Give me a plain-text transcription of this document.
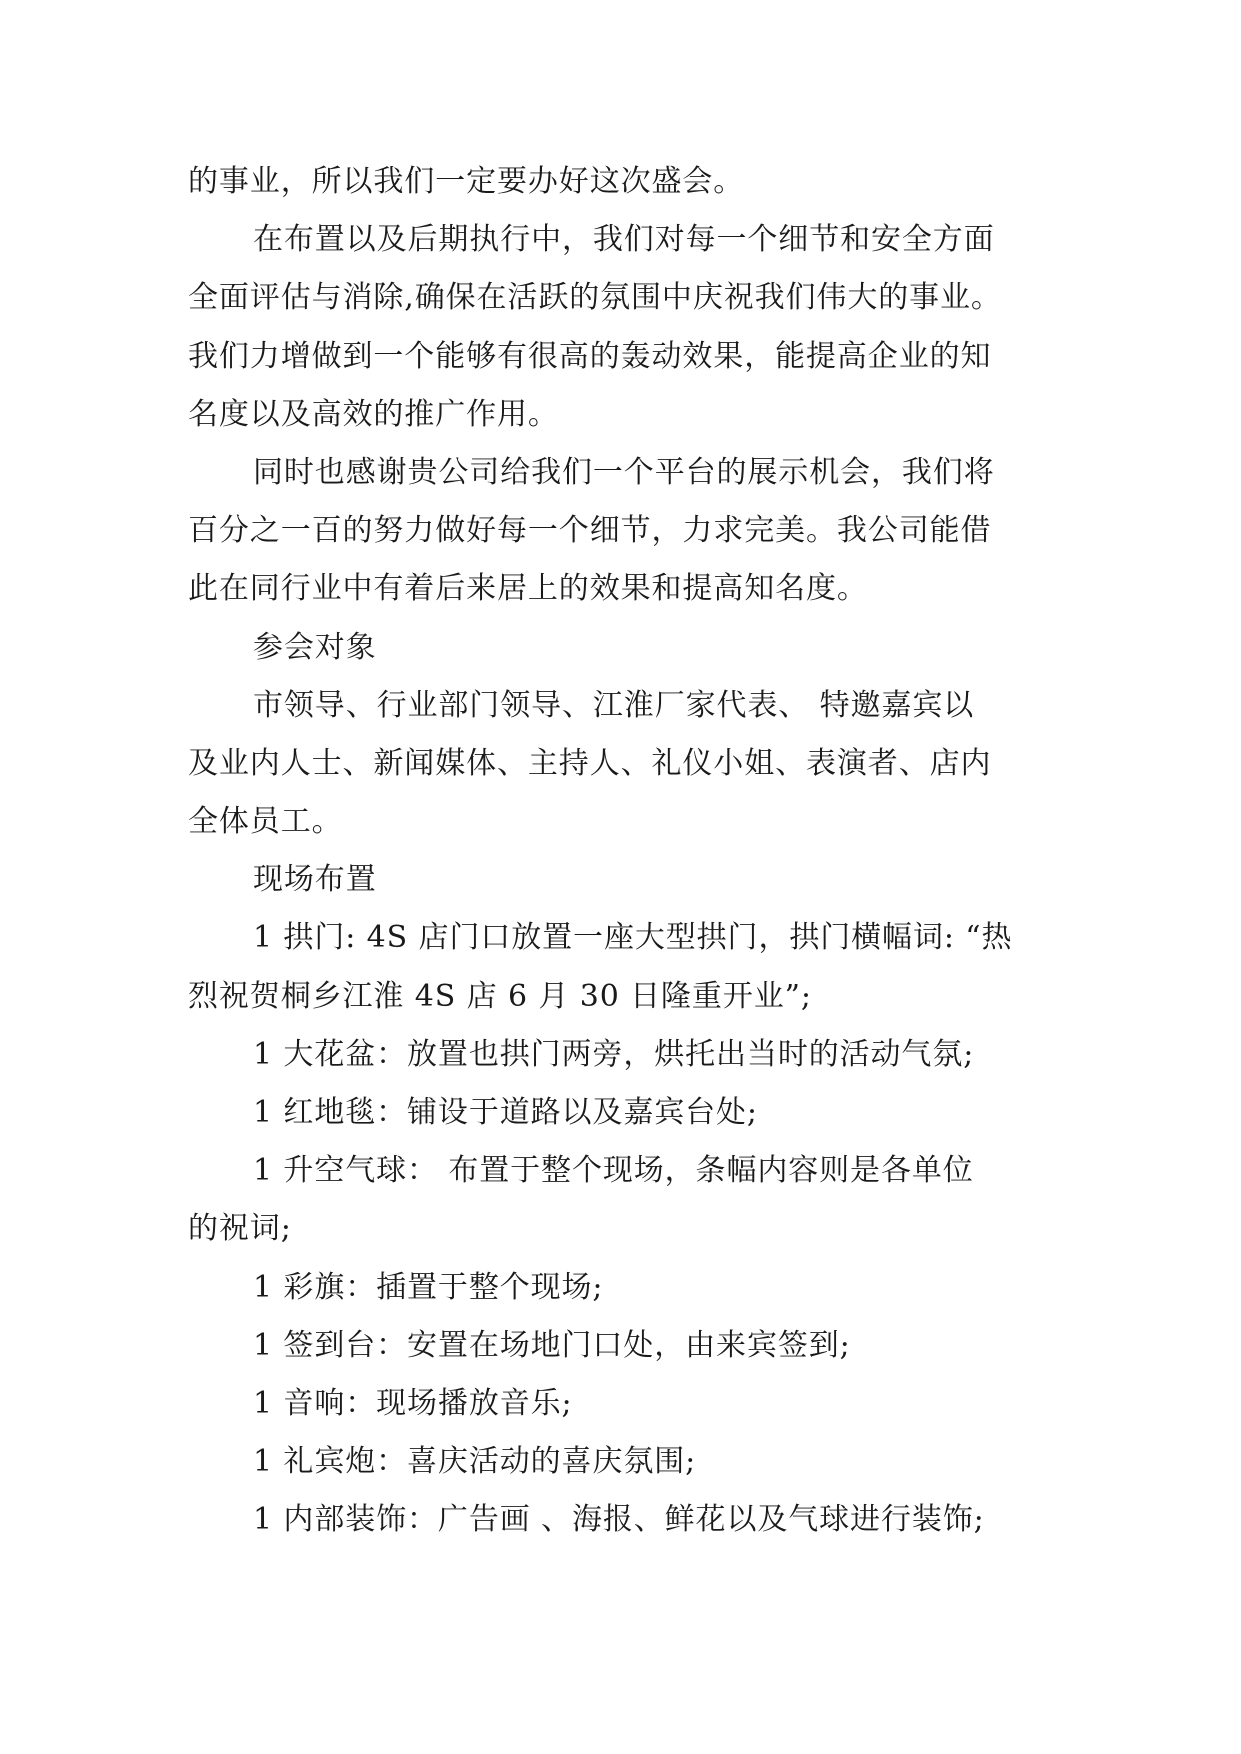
的事业，所以我们一定要办好这次盛会。
在布置以及后期执行中，我们对每一个细节和安全方面
全面评估与消除,确保在活跃的氛围中庆祝我们伟大的事业。
我们力增做到一个能够有很高的轰动效果，能提高企业的知
名度以及高效的推广作用。
同时也感谢贵公司给我们一个平台的展示机会，我们将
百分之一百的努力做好每一个细节，力求完美。我公司能借
此在同行业中有着后来居上的效果和提高知名度。
参会对象
市领导、行业部门领导、江淮厂家代表、 特邀嘉宾以
及业内人士、新闻媒体、主持人、礼仪小姐、表演者、店内
全体员工。
现场布置
1 拱门: 4S 店门口放置一座大型拱门，拱门横幅词: “热
烈祝贺桐乡江淮 4S 店 6 月 30 日隆重开业”;
1 大花盆：放置也拱门两旁，烘托出当时的活动气氛;
1 红地毯：铺设于道路以及嘉宾台处;
1 升空气球： 布置于整个现场，条幅内容则是各单位
的祝词;
1 彩旗：插置于整个现场;
1 签到台：安置在场地门口处，由来宾签到;
1 音响：现场播放音乐;
1 礼宾炮：喜庆活动的喜庆氛围;
1 内部装饰：广告画 、海报、鲜花以及气球进行装饰;
